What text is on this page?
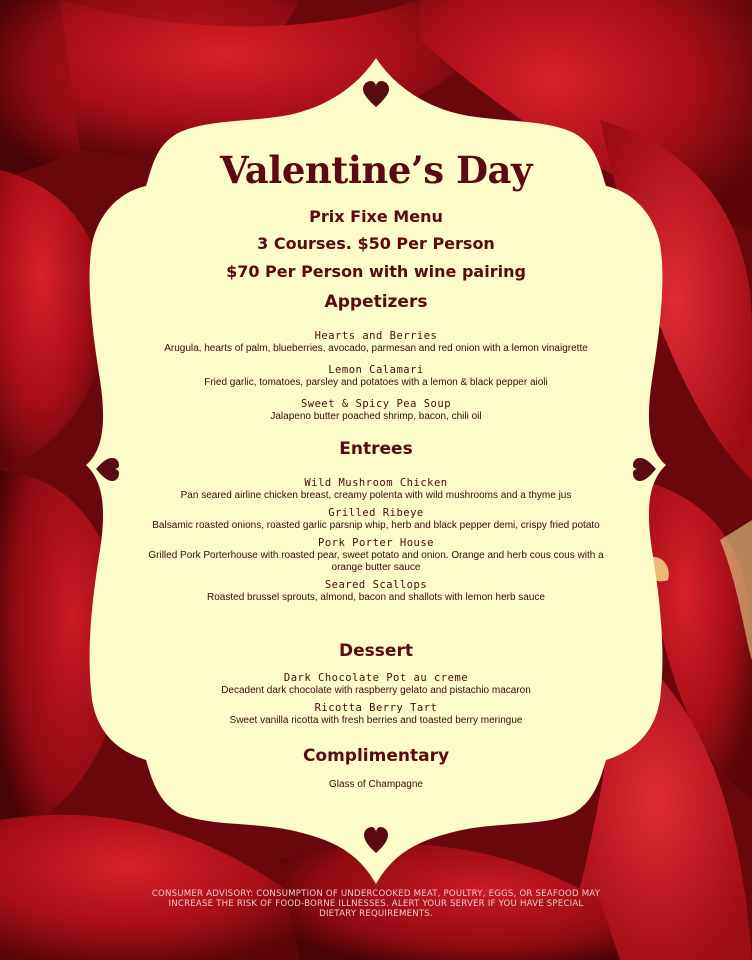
Valentine’s Day
Prix Fixe Menu
3 Courses. $50 Per Person
$70 Per Person with wine pairing
Appetizers
Hearts and Berries
Arugula, hearts of palm, blueberries, avocado, parmesan and red onion with a lemon vinaigrette
Lemon Calamari
Fried garlic, tomatoes, parsley and potatoes with a lemon & black pepper aioli
Sweet & Spicy Pea Soup
Jalapeno butter poached shrimp, bacon, chili oil
Entrees
Wild Mushroom Chicken
Pan seared airline chicken breast, creamy polenta with wild mushrooms and a thyme jus
Grilled Ribeye
Balsamic roasted onions, roasted garlic parsnip whip, herb and black pepper demi, crispy fried potato
Pork Porter House
Grilled Pork Porterhouse with roasted pear, sweet potato and onion. Orange and herb cous cous with a orange butter sauce
Seared Scallops
Roasted brussel sprouts, almond, bacon and shallots with lemon herb sauce
Dessert
Dark Chocolate Pot au creme
Decadent dark chocolate with raspberry gelato and pistachio macaron
Ricotta Berry Tart
Sweet vanilla ricotta with fresh berries and toasted berry meringue
Complimentary
Glass of Champagne
CONSUMER ADVISORY: CONSUMPTION OF UNDERCOOKED MEAT, POULTRY, EGGS, OR SEAFOOD MAY INCREASE THE RISK OF FOOD-BORNE ILLNESSES. ALERT YOUR SERVER IF YOU HAVE SPECIAL DIETARY REQUIREMENTS.
